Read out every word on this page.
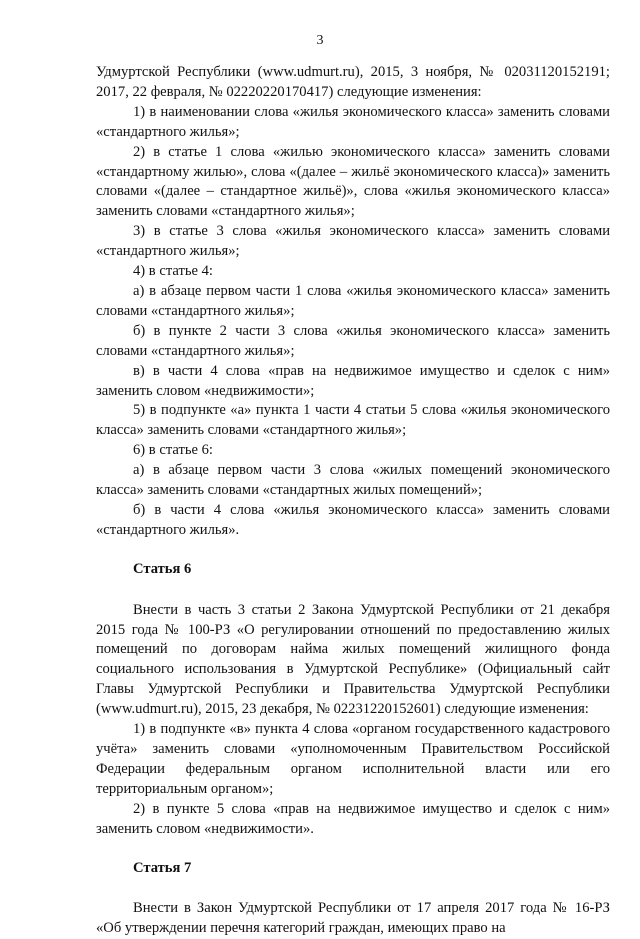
3

Удмуртской Республики (www.udmurt.ru), 2015, 3 ноября, № 02031120152191; 2017, 22 февраля, № 02220220170417) следующие изменения:

1) в наименовании слова «жилья экономического класса» заменить словами «стандартного жилья»;

2) в статье 1 слова «жилью экономического класса» заменить словами «стандартному жилью», слова «(далее – жильё экономического класса)» заменить словами «(далее – стандартное жильё)», слова «жилья экономического класса» заменить словами «стандартного жилья»;

3) в статье 3 слова «жилья экономического класса» заменить словами «стандартного жилья»;

4) в статье 4:

а) в абзаце первом части 1 слова «жилья экономического класса» заменить словами «стандартного жилья»;

б) в пункте 2 части 3 слова «жилья экономического класса» заменить словами «стандартного жилья»;

в) в части 4 слова «прав на недвижимое имущество и сделок с ним» заменить словом «недвижимости»;

5) в подпункте «а» пункта 1 части 4 статьи 5 слова «жилья экономического класса» заменить словами «стандартного жилья»;

6) в статье 6:

а) в абзаце первом части 3 слова «жилых помещений экономического класса» заменить словами «стандартных жилых помещений»;

б) в части 4 слова «жилья экономического класса» заменить словами «стандартного жилья».

Статья 6

Внести в часть 3 статьи 2 Закона Удмуртской Республики от 21 декабря 2015 года № 100-РЗ «О регулировании отношений по предоставлению жилых помещений по договорам найма жилых помещений жилищного фонда социального использования в Удмуртской Республике» (Официальный сайт Главы Удмуртской Республики и Правительства Удмуртской Республики (www.udmurt.ru), 2015, 23 декабря, № 02231220152601) следующие изменения:

1) в подпункте «в» пункта 4 слова «органом государственного кадастрового учёта» заменить словами «уполномоченным Правительством Российской Федерации федеральным органом исполнительной власти или его территориальным органом»;

2) в пункте 5 слова «прав на недвижимое имущество и сделок с ним» заменить словом «недвижимости».

Статья 7

Внести в Закон Удмуртской Республики от 17 апреля 2017 года № 16-РЗ «Об утверждении перечня категорий граждан, имеющих право на
